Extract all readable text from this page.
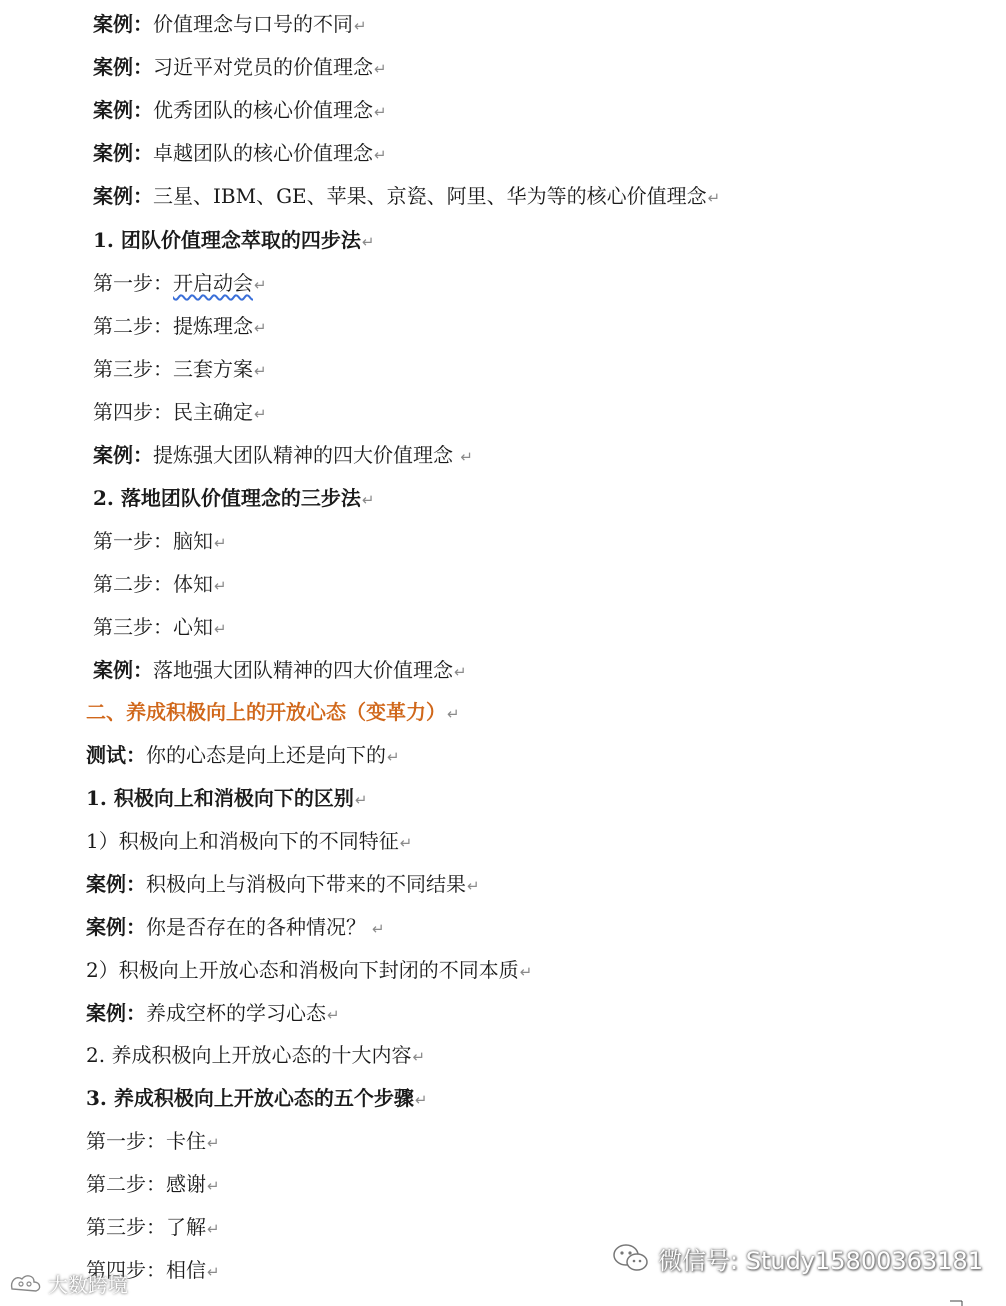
案例：价值理念与口号的不同↵
案例：习近平对党员的价值理念↵
案例：优秀团队的核心价值理念↵
案例：卓越团队的核心价值理念↵
案例：三星、IBM、GE、苹果、京瓷、阿里、华为等的核心价值理念↵
1. 团队价值理念萃取的四步法↵
第一步：开启动会↵
第二步：提炼理念↵
第三步：三套方案↵
第四步：民主确定↵
案例：提炼强大团队精神的四大价值理念 ↵
2. 落地团队价值理念的三步法↵
第一步：脑知↵
第二步：体知↵
第三步：心知↵
案例：落地强大团队精神的四大价值理念↵
二、养成积极向上的开放心态（变革力）↵
测试：你的心态是向上还是向下的↵
1. 积极向上和消极向下的区别↵
1）积极向上和消极向下的不同特征↵
案例：积极向上与消极向下带来的不同结果↵
案例：你是否存在的各种情况？ ↵
2）积极向上开放心态和消极向下封闭的不同本质↵
案例：养成空杯的学习心态↵
2. 养成积极向上开放心态的十大内容↵
3. 养成积极向上开放心态的五个步骤↵
第一步：卡住↵
第二步：感谢↵
第三步：了解↵
第四步：相信↵	微信号: Study15800363181
大数跨境
